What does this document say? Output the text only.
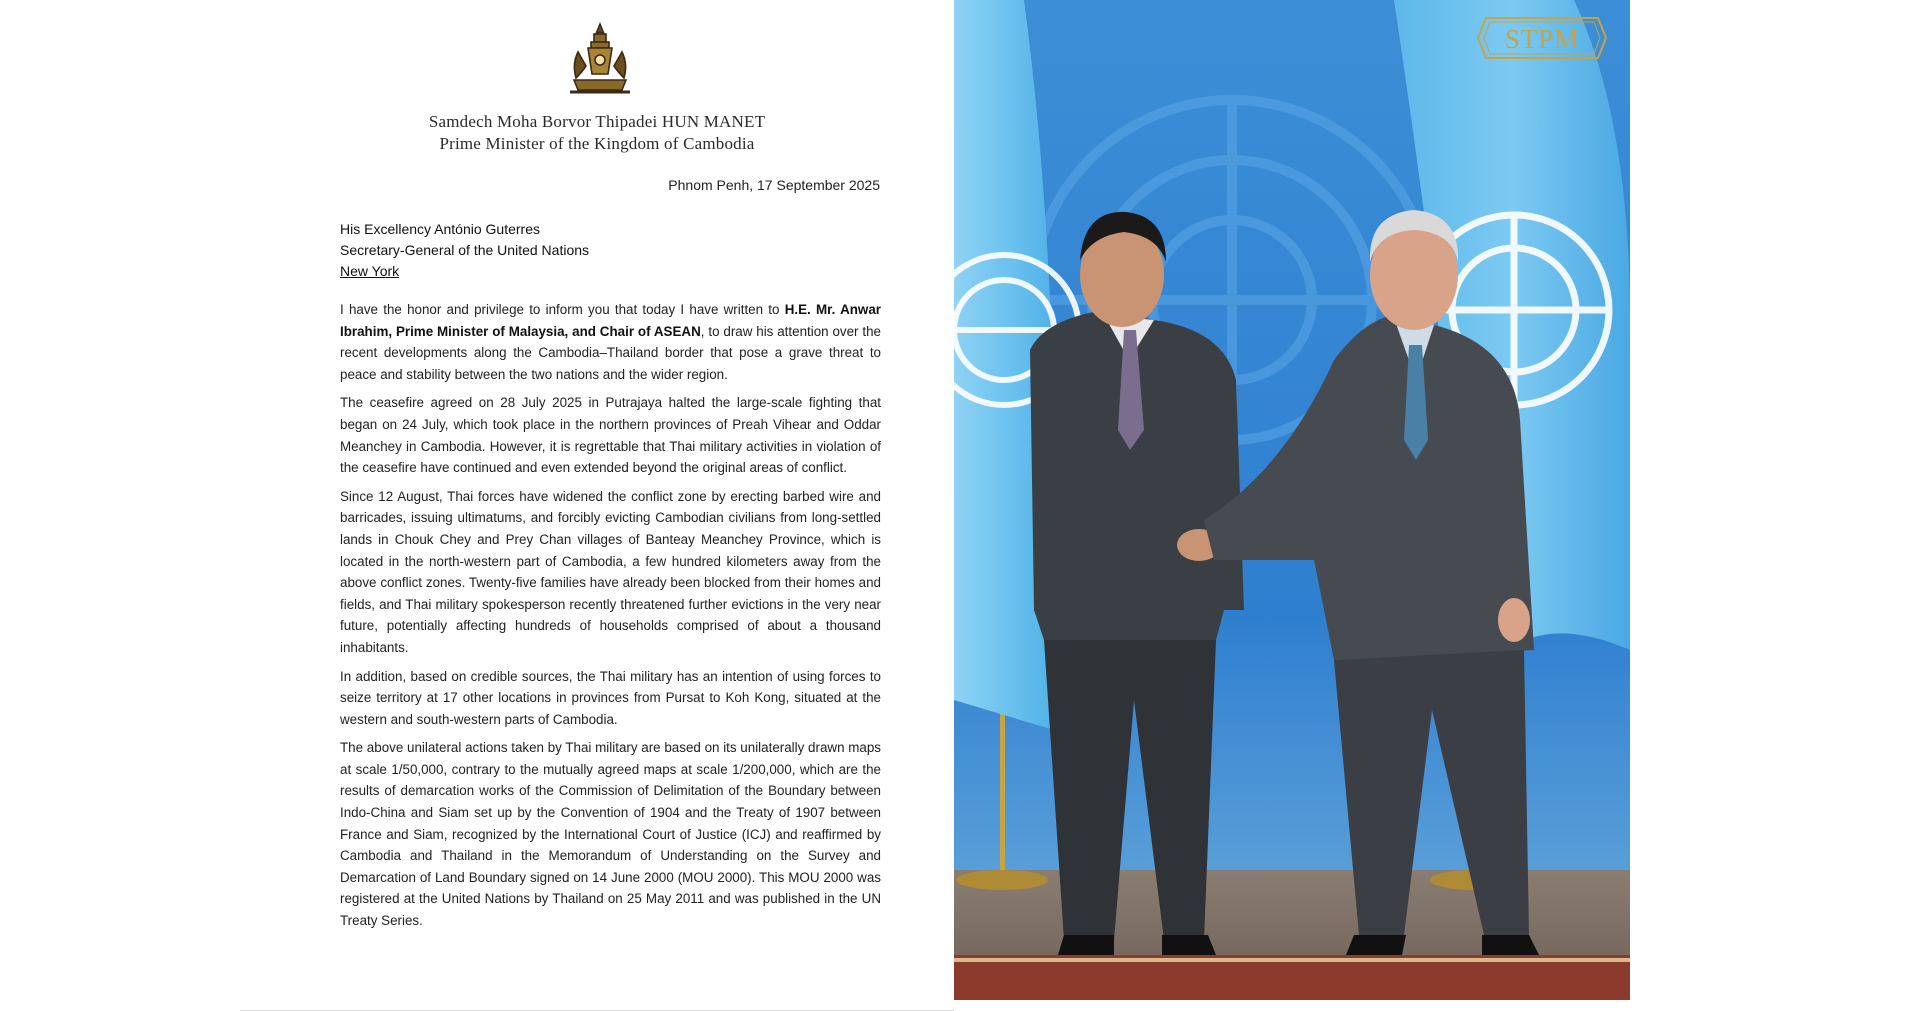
Samdech Moha Borvor Thipadei HUN MANET
Prime Minister of the Kingdom of Cambodia
Phnom Penh, 17 September 2025
His Excellency António Guterres
Secretary-General of the United Nations
New York

I have the honor and privilege to inform you that today I have written to H.E. Mr. Anwar Ibrahim, Prime Minister of Malaysia, and Chair of ASEAN, to draw his attention over the recent developments along the Cambodia–Thailand border that pose a grave threat to peace and stability between the two nations and the wider region.

The ceasefire agreed on 28 July 2025 in Putrajaya halted the large-scale fighting that began on 24 July, which took place in the northern provinces of Preah Vihear and Oddar Meanchey in Cambodia. However, it is regrettable that Thai military activities in violation of the ceasefire have continued and even extended beyond the original areas of conflict.

Since 12 August, Thai forces have widened the conflict zone by erecting barbed wire and barricades, issuing ultimatums, and forcibly evicting Cambodian civilians from long-settled lands in Chouk Chey and Prey Chan villages of Banteay Meanchey Province, which is located in the north-western part of Cambodia, a few hundred kilometers away from the above conflict zones. Twenty-five families have already been blocked from their homes and fields, and Thai military spokesperson recently threatened further evictions in the very near future, potentially affecting hundreds of households comprised of about a thousand inhabitants.

In addition, based on credible sources, the Thai military has an intention of using forces to seize territory at 17 other locations in provinces from Pursat to Koh Kong, situated at the western and south-western parts of Cambodia.

The above unilateral actions taken by Thai military are based on its unilaterally drawn maps at scale 1/50,000, contrary to the mutually agreed maps at scale 1/200,000, which are the results of demarcation works of the Commission of Delimitation of the Boundary between Indo-China and Siam set up by the Convention of 1904 and the Treaty of 1907 between France and Siam, recognized by the International Court of Justice (ICJ) and reaffirmed by Cambodia and Thailand in the Memorandum of Understanding on the Survey and Demarcation of Land Boundary signed on 14 June 2000 (MOU 2000). This MOU 2000 was registered at the United Nations by Thailand on 25 May 2011 and was published in the UN Treaty Series.

STPM
